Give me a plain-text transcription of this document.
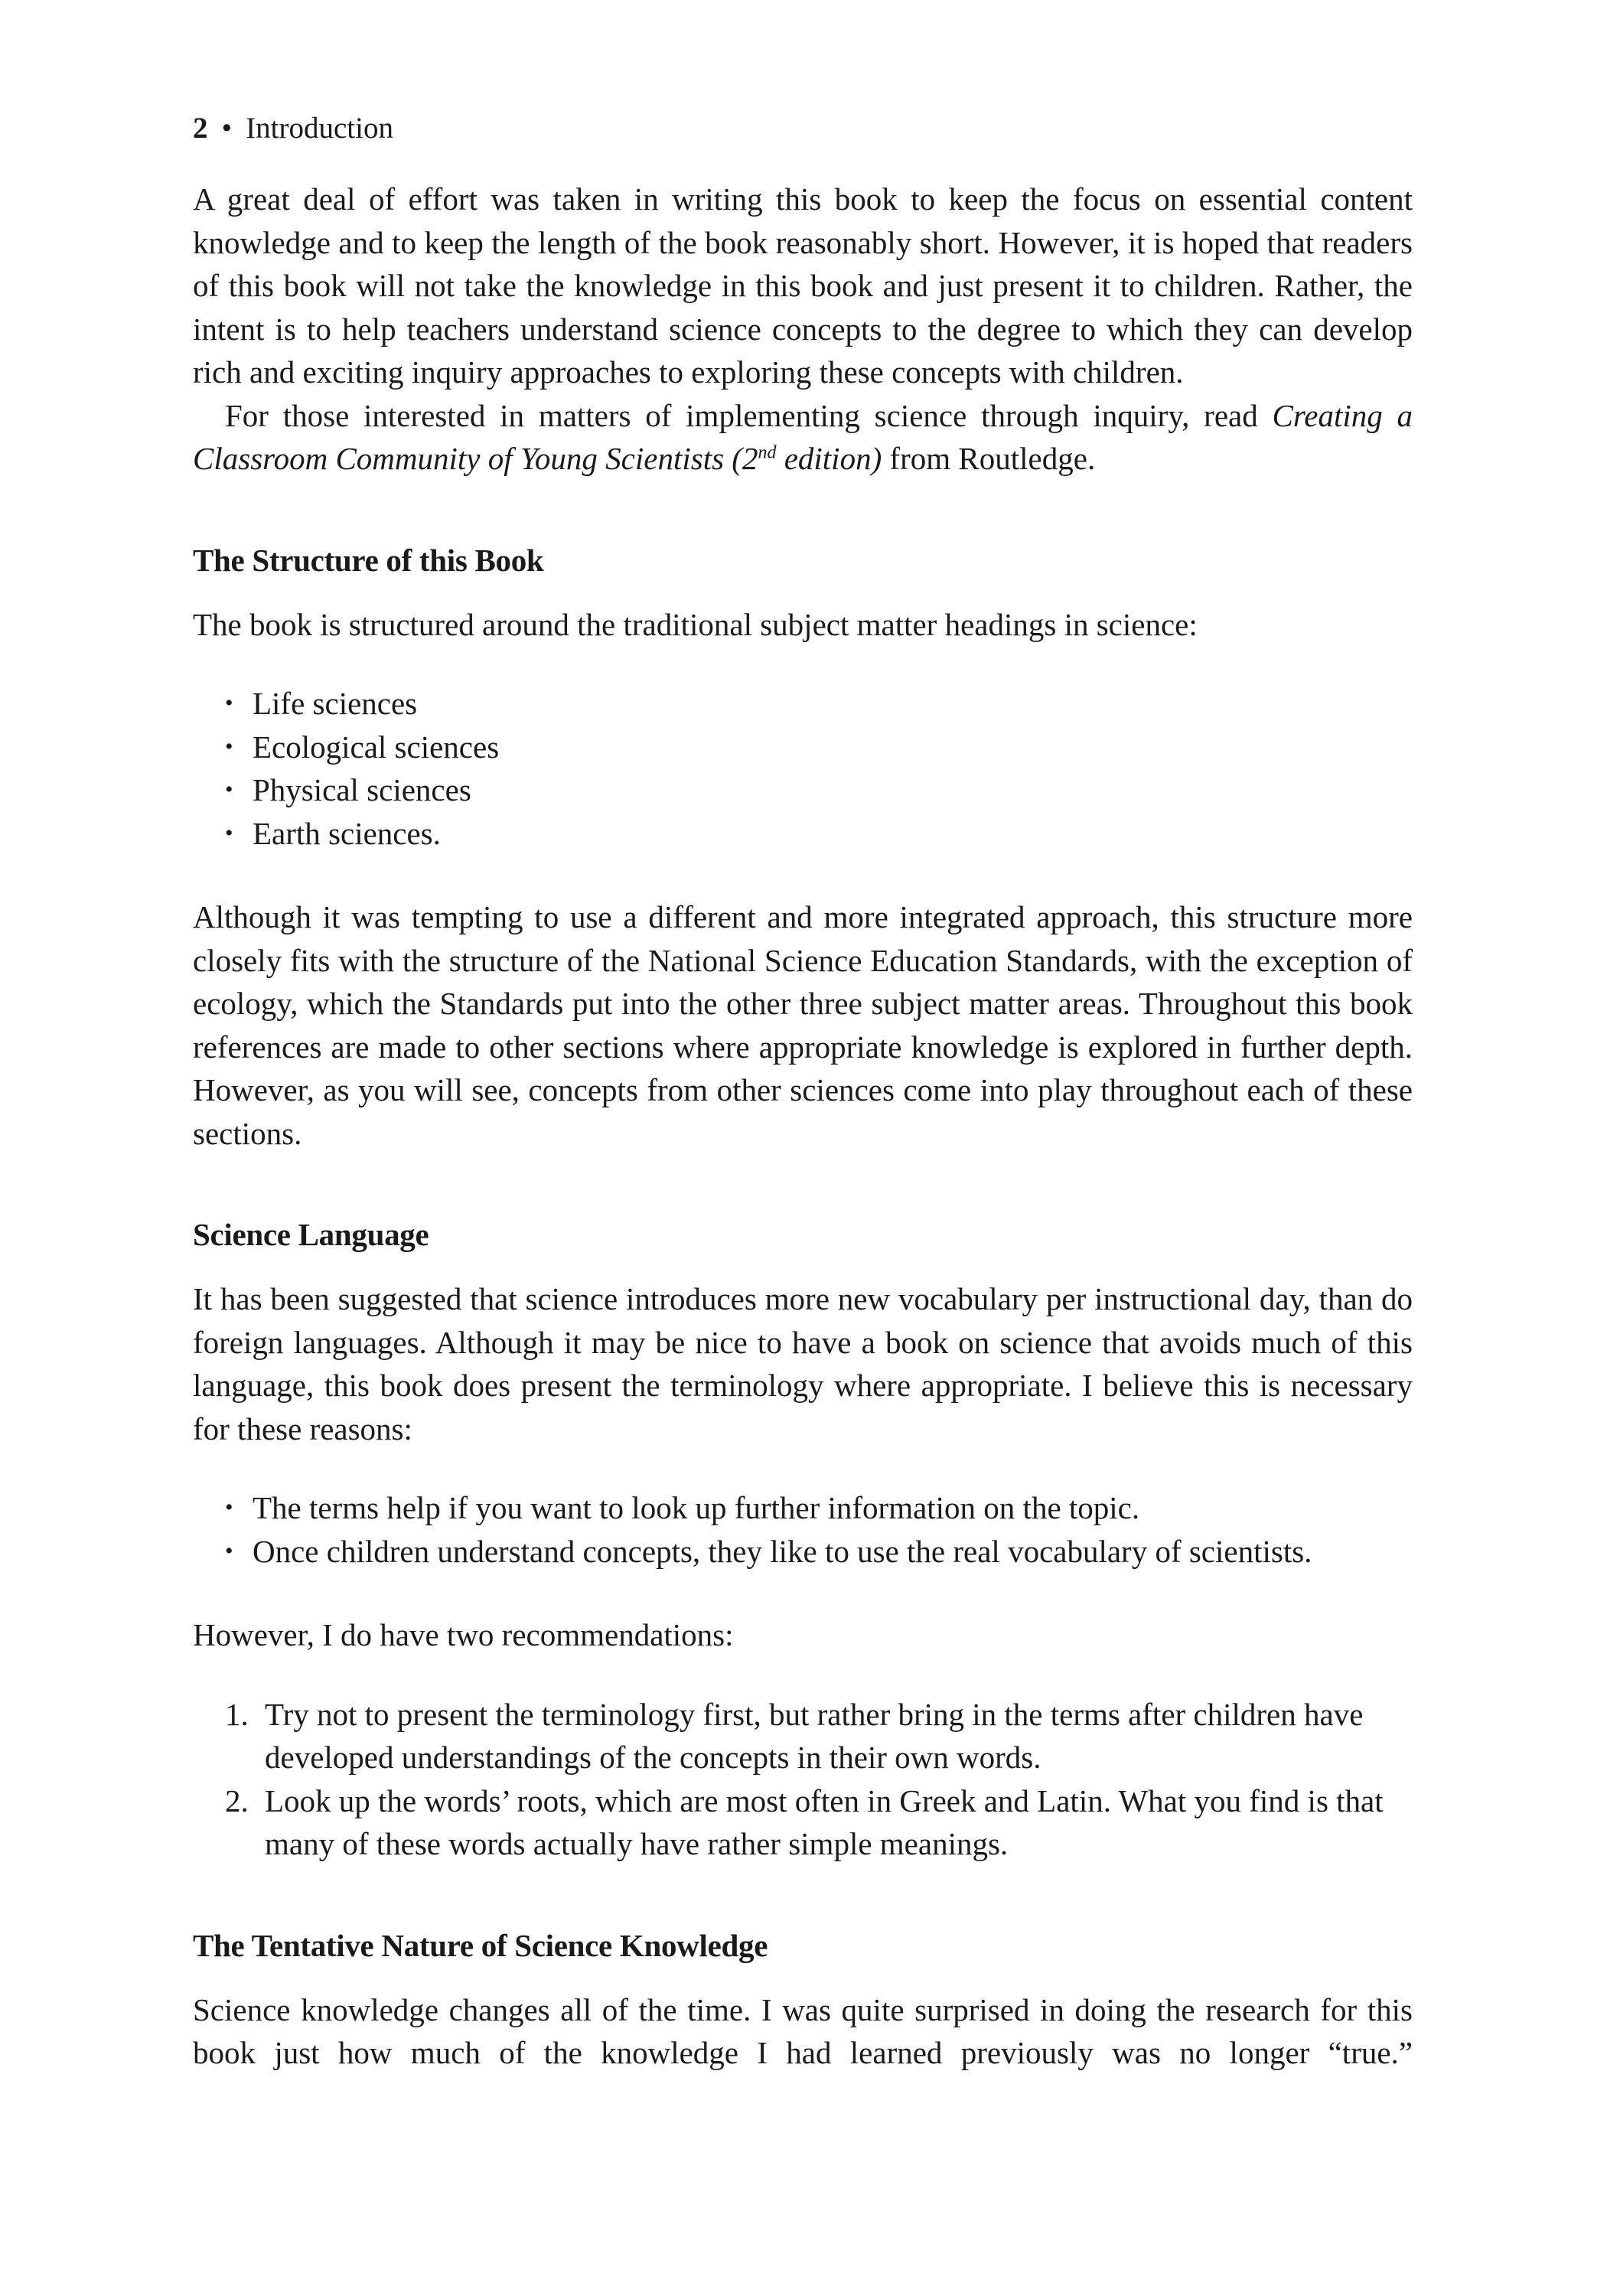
2 • Introduction

A great deal of effort was taken in writing this book to keep the focus on essential content knowledge and to keep the length of the book reasonably short. However, it is hoped that readers of this book will not take the knowledge in this book and just present it to children. Rather, the intent is to help teachers understand science concepts to the degree to which they can develop rich and exciting inquiry approaches to exploring these concepts with children.

For those interested in matters of implementing science through inquiry, read Creating a Classroom Community of Young Scientists (2nd edition) from Routledge.

The Structure of this Book

The book is structured around the traditional subject matter headings in science:

• Life sciences
• Ecological sciences
• Physical sciences
• Earth sciences.

Although it was tempting to use a different and more integrated approach, this structure more closely fits with the structure of the National Science Education Standards, with the exception of ecology, which the Standards put into the other three subject matter areas. Throughout this book references are made to other sections where appropriate knowledge is explored in further depth. However, as you will see, concepts from other sciences come into play throughout each of these sections.

Science Language

It has been suggested that science introduces more new vocabulary per instructional day, than do foreign languages. Although it may be nice to have a book on science that avoids much of this language, this book does present the terminology where appropriate. I believe this is necessary for these reasons:

• The terms help if you want to look up further information on the topic.
• Once children understand concepts, they like to use the real vocabulary of scientists.

However, I do have two recommendations:

1. Try not to present the terminology first, but rather bring in the terms after children have developed understandings of the concepts in their own words.
2. Look up the words’ roots, which are most often in Greek and Latin. What you find is that many of these words actually have rather simple meanings.
The Tentative Nature of Science Knowledge

Science knowledge changes all of the time. I was quite surprised in doing the research for this book just how much of the knowledge I had learned previously was no longer “true.”
